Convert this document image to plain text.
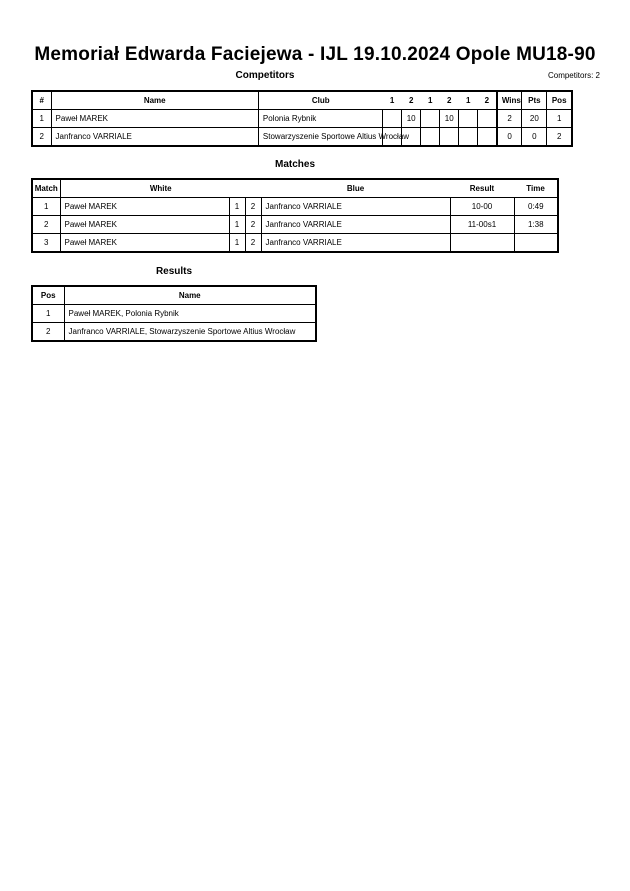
Memoriał Edwarda Faciejewa - IJL 19.10.2024 Opole MU18-90
Competitors	Competitors: 2
#	Name	Club	1	2	1	2	1	2	Wins	Pts	Pos
1	Paweł MAREK	Polonia Rybnik		10		10			2	20	1
2	Janfranco VARRIALE	Stowarzyszenie Sportowe Altius Wrocław							0	0	2
Matches
Match	White			Blue	Result	Time
1	Paweł MAREK	1	2	Janfranco VARRIALE	10-00	0:49
2	Paweł MAREK	1	2	Janfranco VARRIALE	11-00s1	1:38
3	Paweł MAREK	1	2	Janfranco VARRIALE		
Results
Pos	Name
1	Paweł MAREK, Polonia Rybnik
2	Janfranco VARRIALE, Stowarzyszenie Sportowe Altius Wrocław
